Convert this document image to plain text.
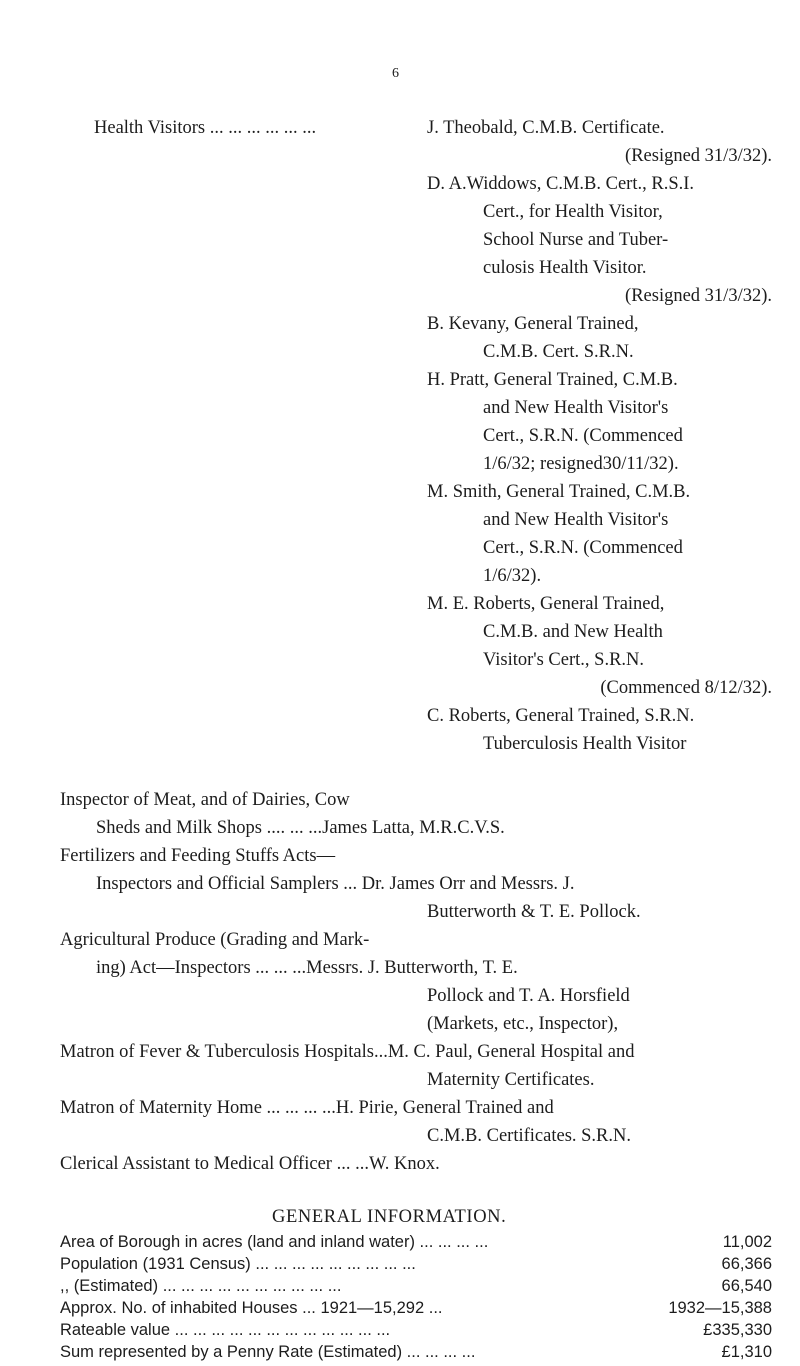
6
Health Visitors ... ... ... ... ... ...	J. Theobald, C.M.B. Certificate.
(Resigned 31/3/32).
D. A.Widdows, C.M.B. Cert., R.S.I.
Cert., for Health Visitor,
School Nurse and Tuber-
culosis Health Visitor.
(Resigned 31/3/32).
B. Kevany, General Trained,
C.M.B. Cert. S.R.N.
H. Pratt, General Trained, C.M.B.
and New Health Visitor's
Cert., S.R.N. (Commenced
1/6/32; resigned30/11/32).
M. Smith, General Trained, C.M.B.
and New Health Visitor's
Cert., S.R.N. (Commenced
1/6/32).
M. E. Roberts, General Trained,
C.M.B. and New Health
Visitor's Cert., S.R.N.
(Commenced 8/12/32).
C. Roberts, General Trained, S.R.N.
Tuberculosis Health Visitor
Inspector of Meat, and of Dairies, Cow
Sheds and Milk Shops .... ... ...James Latta, M.R.C.V.S.
Fertilizers and Feeding Stuffs Acts—
Inspectors and Official Samplers ... Dr. James Orr and Messrs. J.
Butterworth & T. E. Pollock.
Agricultural Produce (Grading and Mark-
ing) Act—Inspectors ... ... ...Messrs. J. Butterworth, T. E.
Pollock and T. A. Horsfield
(Markets, etc., Inspector),
Matron of Fever & Tuberculosis Hospitals...M. C. Paul, General Hospital and
Maternity Certificates.
Matron of Maternity Home ... ... ... ...H. Pirie, General Trained and
C.M.B. Certificates. S.R.N.
Clerical Assistant to Medical Officer ... ...W. Knox.
GENERAL INFORMATION.
Area of Borough in acres (land and inland water) ... ... ... ...	11,002
Population (1931 Census) ... ... ... ... ... ... ... ... ...	66,366
,, (Estimated) ... ... ... ... ... ... ... ... ... ...	66,540
Approx. No. of inhabited Houses ... 1921—15,292 ...	1932—15,388
Rateable value ... ... ... ... ... ... ... ... ... ... ... ...	£335,330
Sum represented by a Penny Rate (Estimated) ... ... ... ...	£1,310
